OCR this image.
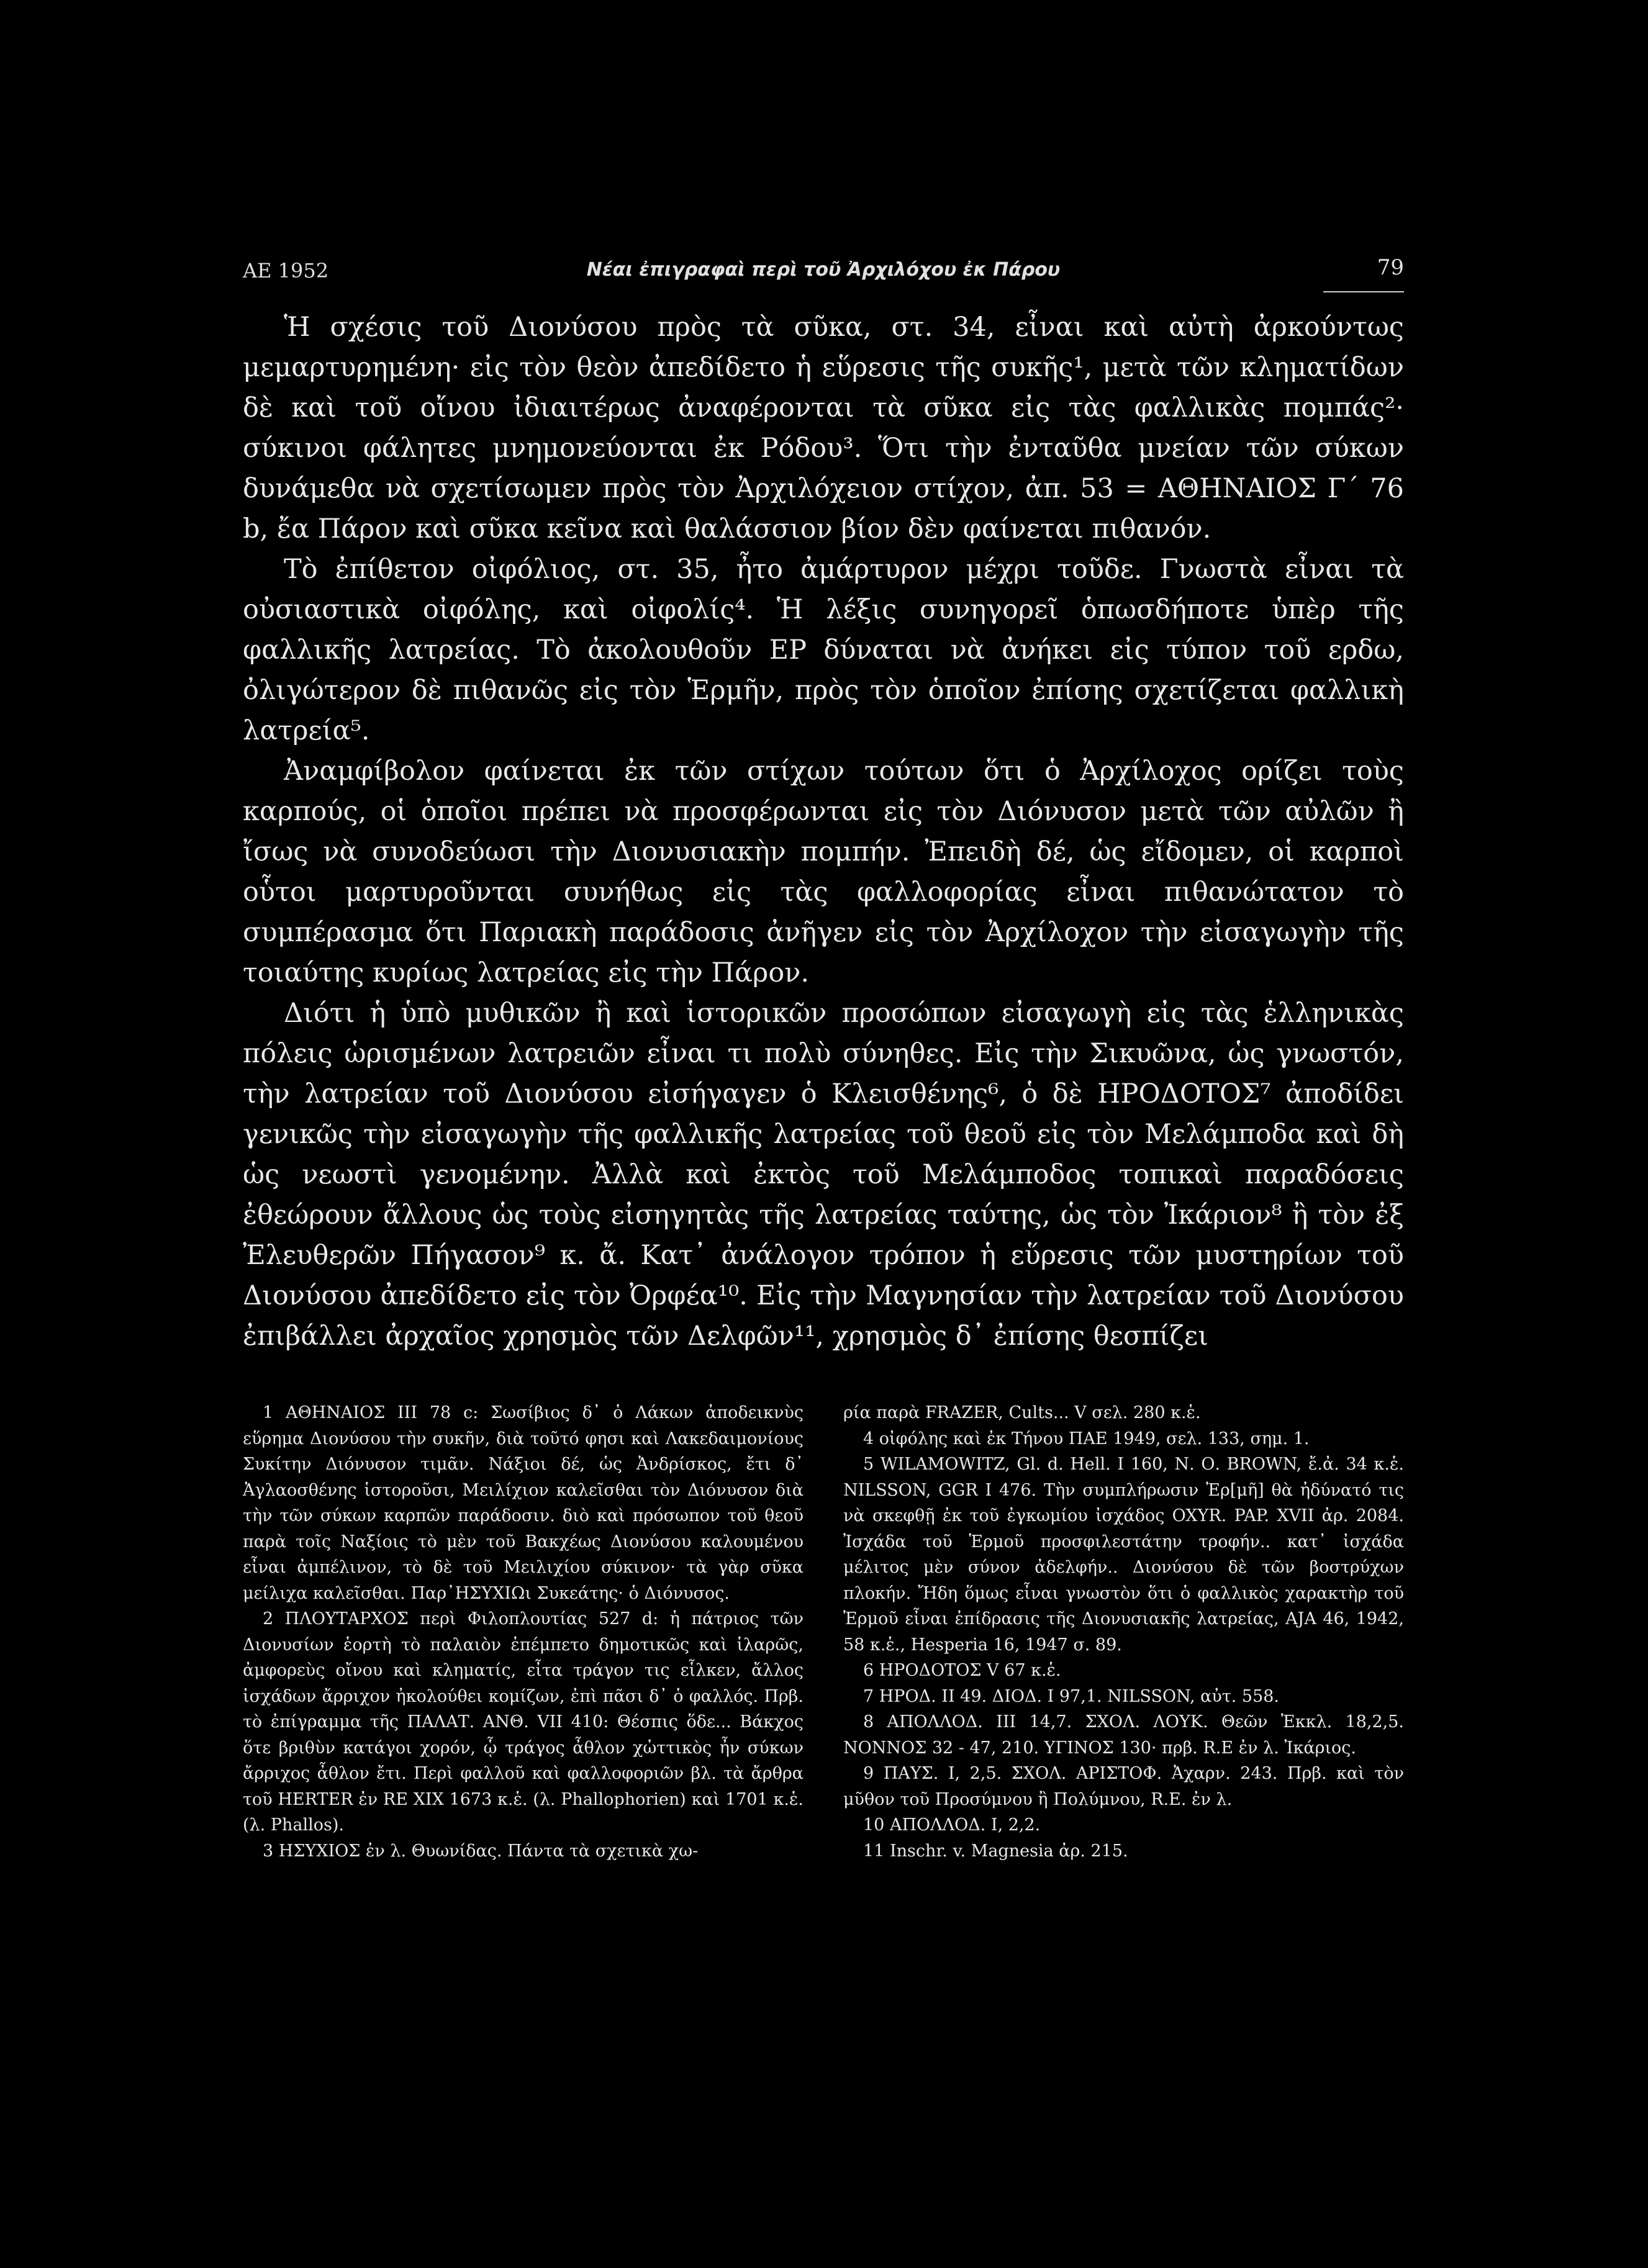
ΑΕ 1952	Νέαι ἐπιγραφαὶ περὶ τοῦ Ἀρχιλόχου ἐκ Πάρου	79

Ἡ σχέσις τοῦ Διονύσου πρὸς τὰ σῦκα, στ. 34, εἶναι καὶ αὐτὴ ἀρκούντως μεμαρτυρημένη· εἰς τὸν θεὸν ἀπεδίδετο ἡ εὕρεσις τῆς συκῆς¹, μετὰ τῶν κληματίδων δὲ καὶ τοῦ οἴνου ἰδιαιτέρως ἀναφέρονται τὰ σῦκα εἰς τὰς φαλλικὰς πομπάς²· σύκινοι φάλητες μνημονεύονται ἐκ Ρόδου³. Ὅτι τὴν ἐνταῦθα μνείαν τῶν σύκων δυνάμεθα νὰ σχετίσωμεν πρὸς τὸν Ἀρχιλόχειον στίχον, ἀπ. 53 = ΑΘΗΝΑΙΟΣ Γ΄ 76 b, ἔα Πάρον καὶ σῦκα κεῖνα καὶ θαλάσσιον βίον δὲν φαίνεται πιθανόν.

Τὸ ἐπίθετον οἰφόλιος, στ. 35, ἦτο ἀμάρτυρον μέχρι τοῦδε. Γνωστὰ εἶναι τὰ οὐσιαστικὰ οἰφόλης, καὶ οἰφολίς⁴. Ἡ λέξις συνηγορεῖ ὁπωσδήποτε ὑπὲρ τῆς φαλλικῆς λατρείας. Τὸ ἀκολουθοῦν ΕΡ δύναται νὰ ἀνήκει εἰς τύπον τοῦ ερδω, ὀλιγώτερον δὲ πιθανῶς εἰς τὸν Ἑρμῆν, πρὸς τὸν ὁποῖον ἐπίσης σχετίζεται φαλλικὴ λατρεία⁵.

Ἀναμφίβολον φαίνεται ἐκ τῶν στίχων τούτων ὅτι ὁ Ἀρχίλοχος ορίζει τοὺς καρπούς, οἱ ὁποῖοι πρέπει νὰ προσφέρωνται εἰς τὸν Διόνυσον μετὰ τῶν αὐλῶν ἢ ἴσως νὰ συνοδεύωσι τὴν Διονυσιακὴν πομπήν. Ἐπειδὴ δέ, ὡς εἴδομεν, οἱ καρποὶ οὗτοι μαρτυροῦνται συνήθως εἰς τὰς φαλλοφορίας εἶναι πιθανώτατον τὸ συμπέρασμα ὅτι Παριακὴ παράδοσις ἀνῆγεν εἰς τὸν Ἀρχίλοχον τὴν εἰσαγωγὴν τῆς τοιαύτης κυρίως λατρείας εἰς τὴν Πάρον.

Διότι ἡ ὑπὸ μυθικῶν ἢ καὶ ἱστορικῶν προσώπων εἰσαγωγὴ εἰς τὰς ἑλληνικὰς πόλεις ὡρισμένων λατρειῶν εἶναι τι πολὺ σύνηθες. Εἰς τὴν Σικυῶνα, ὡς γνωστόν, τὴν λατρείαν τοῦ Διονύσου εἰσήγαγεν ὁ Κλεισθένης⁶, ὁ δὲ ΗΡΟΔΟΤΟΣ⁷ ἀποδίδει γενικῶς τὴν εἰσαγωγὴν τῆς φαλλικῆς λατρείας τοῦ θεοῦ εἰς τὸν Μελάμποδα καὶ δὴ ὡς νεωστὶ γενομένην. Ἀλλὰ καὶ ἐκτὸς τοῦ Μελάμποδος τοπικαὶ παραδόσεις ἐθεώρουν ἄλλους ὡς τοὺς εἰσηγητὰς τῆς λατρείας ταύτης, ὡς τὸν Ἰκάριον⁸ ἢ τὸν ἐξ Ἐλευθερῶν Πήγασον⁹ κ. ἄ. Κατ᾽ ἀνάλογον τρόπον ἡ εὕρεσις τῶν μυστηρίων τοῦ Διονύσου ἀπεδίδετο εἰς τὸν Ὀρφέα¹⁰. Εἰς τὴν Μαγνησίαν τὴν λατρείαν τοῦ Διονύσου ἐπιβάλλει ἀρχαῖος χρησμὸς τῶν Δελφῶν¹¹, χρησμὸς δ᾽ ἐπίσης θεσπίζει

1 ΑΘΗΝΑΙΟΣ ΙΙΙ 78 c: Σωσίβιος δ᾽ ὁ Λάκων ἀποδεικνὺς εὕρημα Διονύσου τὴν συκῆν, διὰ τοῦτό φησι καὶ Λακεδαιμονίους Συκίτην Διόνυσον τιμᾶν. Νάξιοι δέ, ὡς Ἀνδρίσκος, ἔτι δ᾽ Ἀγλαοσθένης ἱστοροῦσι, Μειλίχιον καλεῖσθαι τὸν Διόνυσον διὰ τὴν τῶν σύκων καρπῶν παράδοσιν. διὸ καὶ πρόσωπον τοῦ θεοῦ παρὰ τοῖς Ναξίοις τὸ μὲν τοῦ Βακχέως Διονύσου καλουμένου εἶναι ἀμπέλινον, τὸ δὲ τοῦ Μειλιχίου σύκινον· τὰ γὰρ σῦκα μείλιχα καλεῖσθαι. Παρ᾽ΗΣΥΧΙΩι Συκεάτης· ὁ Διόνυσος.

2 ΠΛΟΥΤΑΡΧΟΣ περὶ Φιλοπλουτίας 527 d: ἡ πάτριος τῶν Διονυσίων ἑορτὴ τὸ παλαιὸν ἐπέμπετο δημοτικῶς καὶ ἱλαρῶς, ἀμφορεὺς οἴνου καὶ κληματίς, εἶτα τράγον τις εἷλκεν, ἄλλος ἰσχάδων ἄρριχον ἠκολούθει κομίζων, ἐπὶ πᾶσι δ᾽ ὁ φαλλός. Πρβ. τὸ ἐπίγραμμα τῆς ΠΑΛΑΤ. ΑΝΘ. VII 410: Θέσπις ὅδε... Βάκχος ὅτε βριθὺν κατάγοι χορόν, ᾧ τράγος ἆθλον χὡττικὸς ἦν σύκων ἄρριχος ἆθλον ἔτι. Περὶ φαλλοῦ καὶ φαλλοφοριῶν βλ. τὰ ἄρθρα τοῦ HERTER ἐν RE XIX 1673 κ.ἑ. (λ. Phallophorien) καὶ 1701 κ.ἑ. (λ. Phallos).

3 ΗΣΥΧΙΟΣ ἐν λ. Θυωνίδας. Πάντα τὰ σχετικὰ χω-

ρία παρὰ FRAZER, Cults... V σελ. 280 κ.ἑ.

4 οἰφόλης καὶ ἐκ Τήνου ΠΑΕ 1949, σελ. 133, σημ. 1.

5 WILAMOWITZ, Gl. d. Hell. I 160, Ν. Ο. BROWN, ἔ.ἀ. 34 κ.ἑ. NILSSON, GGR I 476. Τὴν συμπλήρωσιν Ἐρ[μῆ] θὰ ἠδύνατό τις νὰ σκεφθῇ ἐκ τοῦ ἐγκωμίου ἰσχάδος OXYR. PAP. XVII ἀρ. 2084. Ἰσχάδα τοῦ Ἑρμοῦ προσφιλεστάτην τροφήν.. κατ᾽ ἰσχάδα μέλιτος μὲν σύνον ἀδελφήν.. Διονύσου δὲ τῶν βοστρύχων πλοκήν. Ἤδη ὅμως εἶναι γνωστὸν ὅτι ὁ φαλλικὸς χαρακτὴρ τοῦ Ἑρμοῦ εἶναι ἐπίδρασις τῆς Διονυσιακῆς λατρείας, ΑJΑ 46, 1942, 58 κ.ἑ., Hesperia 16, 1947 σ. 89.

6 ΗΡΟΔΟΤΟΣ V 67 κ.ἑ.

7 ΗΡΟΔ. ΙΙ 49. ΔΙΟΔ. I 97,1. NILSSON, αὐτ. 558.

8 ΑΠΟΛΛΟΔ. ΙΙΙ 14,7. ΣΧΟΛ. ΛΟΥΚ. Θεῶν Ἐκκλ. 18,2,5. ΝΟΝΝΟΣ 32 - 47, 210. ΥΓΙΝΟΣ 130· πρβ. R.E ἐν λ. Ἰκάριος.

9 ΠΑΥΣ. Ι, 2,5. ΣΧΟΛ. ΑΡΙΣΤΟΦ. Ἀχαρν. 243. Πρβ. καὶ τὸν μῦθον τοῦ Προσύμνου ἢ Πολύμνου, R.E. ἐν λ.

10 ΑΠΟΛΛΟΔ. Ι, 2,2.

11 Inschr. v. Magnesia ἀρ. 215.
